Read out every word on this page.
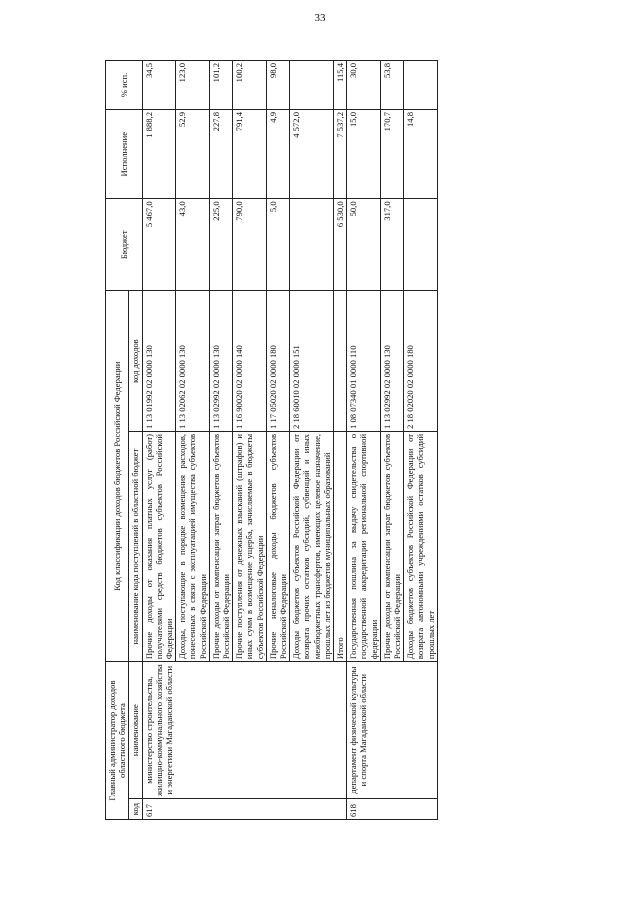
33
Главный администратор доходов областного бюджета		Код классификации доходов бюджетов Российской Федерации		Бюджет	Исполнение	% исп.
код	наименование	наименование кода поступлений в областной бюджет	код доходов			
617	министерство строительства, жилищно-коммунального хозяйства и энергетики Магаданской области	Прочие доходы от оказания платных услуг (работ) получателями средств бюджетов субъектов Российской Федерации	1 13 01992 02 0000 130	5 467,0	1 888,2	34,5
		Доходы, поступающие в порядке возмещения расходов, понесенных в связи с эксплуатацией имущества субъектов Российской Федерации	1 13 02062 02 0000 130	43,0	52,9	123,0
		Прочие доходы от компенсации затрат бюджетов субъектов Российской Федерации	1 13 02992 02 0000 130	225,0	227,8	101,2
		Прочие поступления от денежных взысканий (штрафов) и иных сумм в возмещение ущерба, зачисляемые в бюджеты субъектов Российской Федерации	1 16 90020 02 0000 140	790,0	791,4	100,2
		Прочие неналоговые доходы бюджетов субъектов Российской Федерации	1 17 05020 02 0000 180	5,0	4,9	98,0
		Доходы бюджетов субъектов Российской Федерации от возврата прочих остатков субсидий, субвенций и иных межбюджетных трансфертов, имеющих целевое назначение, прошлых лет из бюджетов муниципальных образований	2 18 60010 02 0000 151		4 572,0	
		Итого		6 530,0	7 537,2	115,4
618	департамент физической культуры и спорта Магаданской области	Государственная пошлина за выдачу свидетельства о государственной аккредитации региональной спортивной федерации	1 08 07340 01 0000 110	50,0	15,0	30,0
		Прочие доходы от компенсации затрат бюджетов субъектов Российской Федерации	1 13 02992 02 0000 130	317,0	170,7	53,8
		Доходы бюджетов субъектов Российской Федерации от возврата автономными учреждениями остатков субсидий прошлых лет	2 18 02020 02 0000 180		14,8	
